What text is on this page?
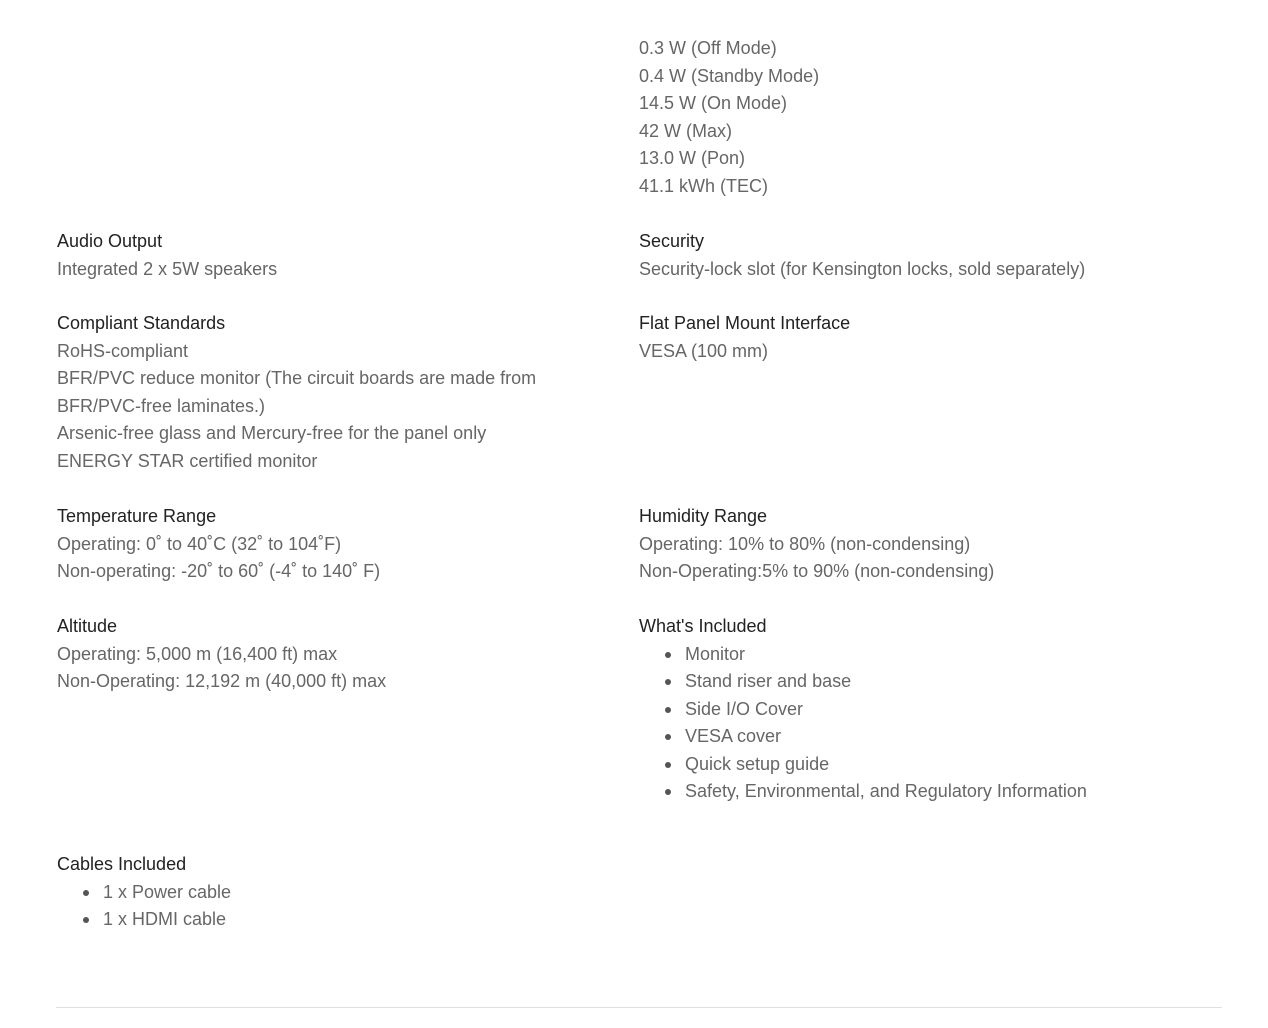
0.3 W (Off Mode)
0.4 W (Standby Mode)
14.5 W (On Mode)
42 W (Max)
13.0 W (Pon)
41.1 kWh (TEC)
Audio Output
Integrated 2 x 5W speakers
Security
Security-lock slot (for Kensington locks, sold separately)
Compliant Standards
RoHS-compliant
BFR/PVC reduce monitor (The circuit boards are made from
BFR/PVC-free laminates.)
Arsenic-free glass and Mercury-free for the panel only
ENERGY STAR certified monitor
Flat Panel Mount Interface
VESA (100 mm)
Temperature Range
Operating: 0˚ to 40˚C (32˚ to 104˚F)
Non-operating: -20˚ to 60˚ (-4˚ to 140˚ F)
Humidity Range
Operating: 10% to 80% (non-condensing)
Non-Operating:5% to 90% (non-condensing)
Altitude
Operating: 5,000 m (16,400 ft) max
Non-Operating: 12,192 m (40,000 ft) max
What's Included
Monitor
Stand riser and base
Side I/O Cover
VESA cover
Quick setup guide
Safety, Environmental, and Regulatory Information
Cables Included
1 x Power cable
1 x HDMI cable
